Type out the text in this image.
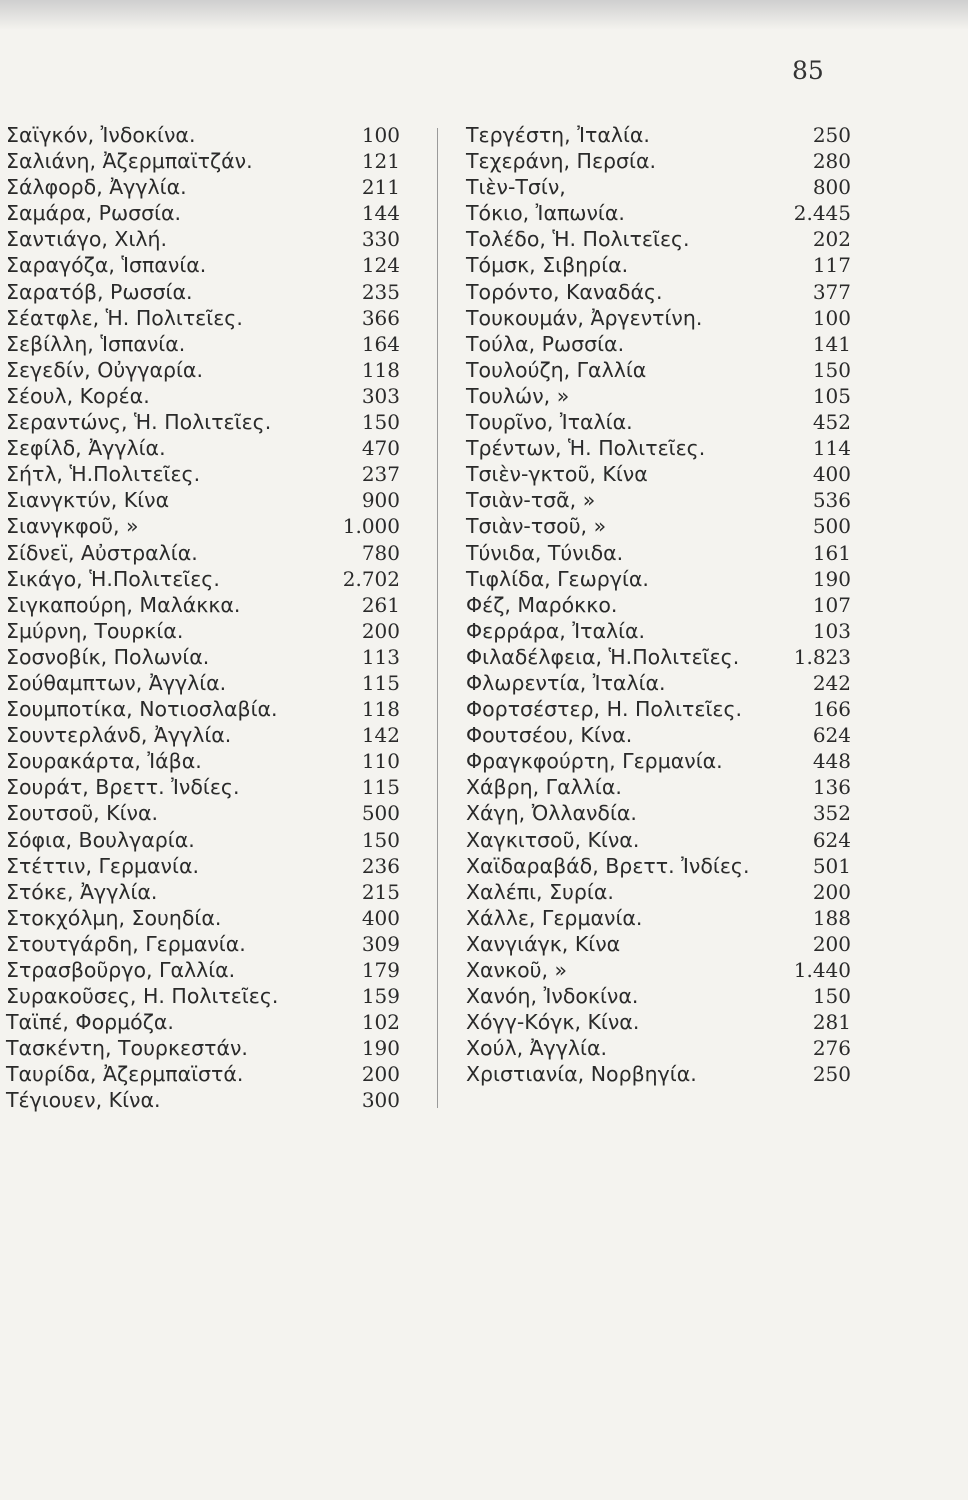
85
Σαϊγκόν, Ἰνδοκίνα.	100
Σαλιάνη, Ἀζερμπαϊτζάν.	121
Σάλφορδ, Ἀγγλία.	211
Σαμάρα, Ρωσσία.	144
Σαντιάγο, Χιλή.	330
Σαραγόζα, Ἱσπανία.	124
Σαρατόβ, Ρωσσία.	235
Σέατφλε, Ἡ. Πολιτεῖες.	366
Σεβίλλη, Ἱσπανία.	164
Σεγεδίν, Οὐγγαρία.	118
Σέουλ, Κορέα.	303
Σεραντώνς, Ἡ. Πολιτεῖες.	150
Σεφίλδ, Ἀγγλία.	470
Σήτλ, Ἡ.Πολιτεῖες.	237
Σιανγκτύν, Κίνα	900
Σιανγκφοῦ, »	1.000
Σίδνεϊ, Αὐστραλία.	780
Σικάγο, Ἡ.Πολιτεῖες.	2.702
Σιγκαπούρη, Μαλάκκα.	261
Σμύρνη, Τουρκία.	200
Σοσνοβίκ, Πολωνία.	113
Σούθαμπτων, Ἀγγλία.	115
Σουμποτίκα, Νοτιοσλαβία.	118
Σουντερλάνδ, Ἀγγλία.	142
Σουρακάρτα, Ἰάβα.	110
Σουράτ, Βρεττ. Ἰνδίες.	115
Σουτσοῦ, Κίνα.	500
Σόφια, Βουλγαρία.	150
Στέττιν, Γερμανία.	236
Στόκε, Ἀγγλία.	215
Στοκχόλμη, Σουηδία.	400
Στουτγάρδη, Γερμανία.	309
Στρασβοῦργο, Γαλλία.	179
Συρακοῦσες, Η. Πολιτεῖες.	159
Ταϊπέ, Φορμόζα.	102
Τασκέντη, Τουρκεστάν.	190
Ταυρίδα, Ἀζερμπαϊστά.	200
Τέγιουεν, Κίνα.	300
Τεργέστη, Ἰταλία.	250
Τεχεράνη, Περσία.	280
Τιὲν-Τσίν,	800
Τόκιο, Ἰαπωνία.	2.445
Τολέδο, Ἡ. Πολιτεῖες.	202
Τόμσκ, Σιβηρία.	117
Τορόντο, Καναδάς.	377
Τουκουμάν, Ἀργεντίνη.	100
Τούλα, Ρωσσία.	141
Τουλούζη, Γαλλία	150
Τουλών, »	105
Τουρῖνο, Ἰταλία.	452
Τρέντων, Ἡ. Πολιτεῖες.	114
Τσιὲν-γκτοῦ, Κίνα	400
Τσιὰν-τσᾶ, »	536
Τσιὰν-τσοῦ, »	500
Τύνιδα, Τύνιδα.	161
Τιφλίδα, Γεωργία.	190
Φέζ, Μαρόκκο.	107
Φερράρα, Ἰταλία.	103
Φιλαδέλφεια, Ἡ.Πολιτεῖες.	1.823
Φλωρεντία, Ἰταλία.	242
Φορτσέστερ, Η. Πολιτεῖες.	166
Φουτσέου, Κίνα.	624
Φραγκφούρτη, Γερμανία.	448
Χάβρη, Γαλλία.	136
Χάγη, Ὀλλανδία.	352
Χαγκιτσοῦ, Κίνα.	624
Χαϊδαραβάδ, Βρεττ. Ἰνδίες.	501
Χαλέπι, Συρία.	200
Χάλλε, Γερμανία.	188
Χανγιάγκ, Κίνα	200
Χανκοῦ, »	1.440
Χανόη, Ἰνδοκίνα.	150
Χόγγ-Κόγκ, Κίνα.	281
Χούλ, Ἀγγλία.	276
Χριστιανία, Νορβηγία.	250
